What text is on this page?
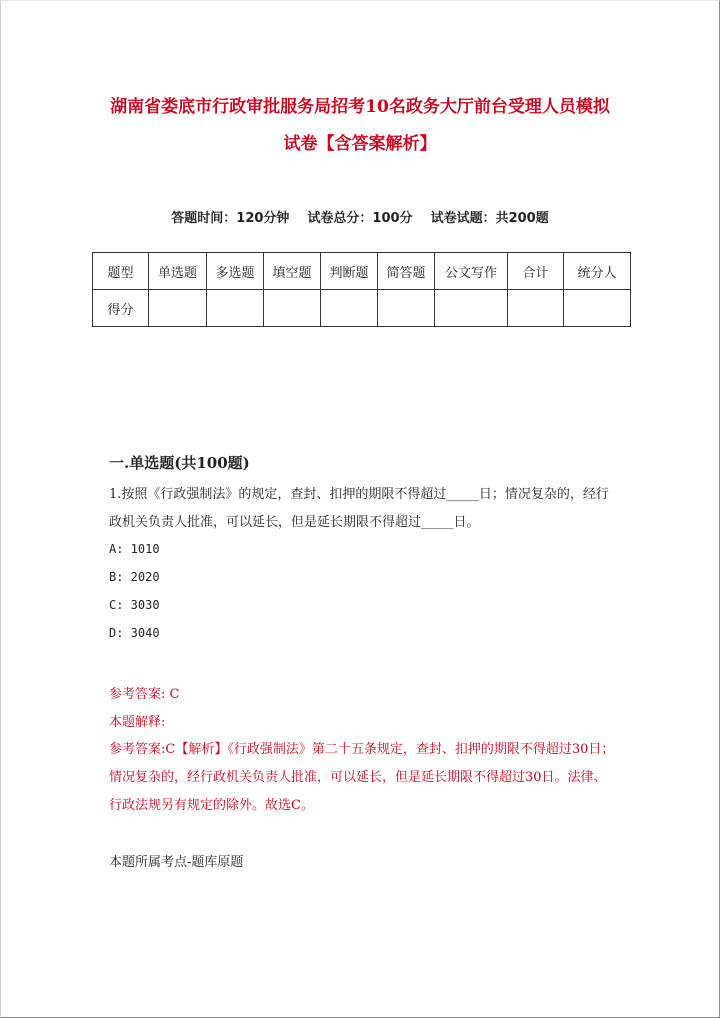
湖南省娄底市行政审批服务局招考10名政务大厅前台受理人员模拟
试卷【含答案解析】
答题时间：120分钟 试卷总分：100分 试卷试题：共200题
题型	单选题	多选题	填空题	判断题	简答题	公文写作	合计	统分人
得分								
一.单选题(共100题)
1.按照《行政强制法》的规定，查封、扣押的期限不得超过_____日；情况复杂的，经行政机关负责人批准，可以延长，但是延长期限不得超过_____日。
A: 1010
B: 2020
C: 3030
D: 3040
参考答案: C
本题解释:
参考答案:C【解析】《行政强制法》第二十五条规定，查封、扣押的期限不得超过30日；情况复杂的，经行政机关负责人批准，可以延长，但是延长期限不得超过30日。法律、行政法规另有规定的除外。故选C。
本题所属考点-题库原题
